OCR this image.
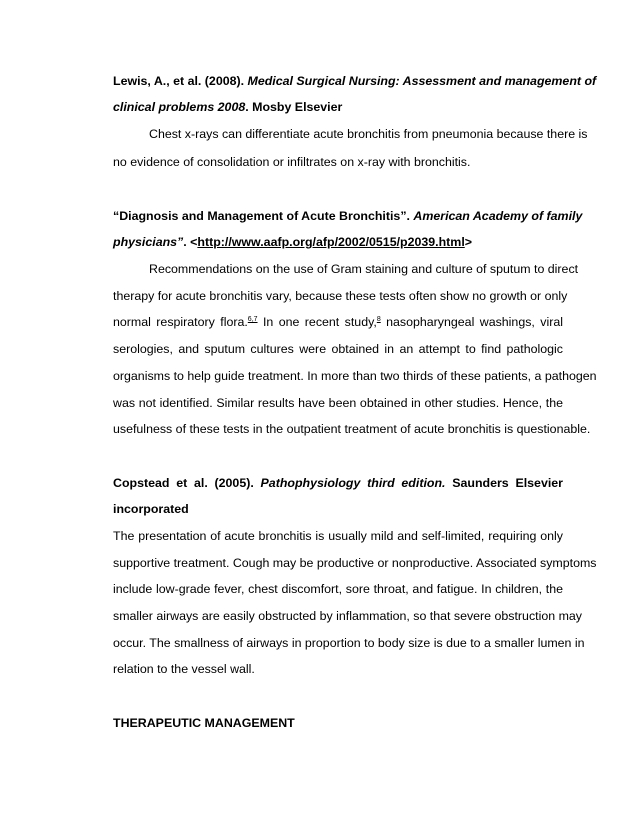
Lewis, A., et al. (2008). Medical Surgical Nursing: Assessment and management of
clinical problems 2008. Mosby Elsevier
Chest x-rays can differentiate acute bronchitis from pneumonia because there is
no evidence of consolidation or infiltrates on x-ray with bronchitis.
“Diagnosis and Management of Acute Bronchitis”. American Academy of family
physicians”. <http://www.aafp.org/afp/2002/0515/p2039.html>
Recommendations on the use of Gram staining and culture of sputum to direct
therapy for acute bronchitis vary, because these tests often show no growth or only
normal respiratory flora.$^{6,7}$ In one recent study,$^8$ nasopharyngeal washings, viral
serologies, and sputum cultures were obtained in an attempt to find pathologic
organisms to help guide treatment. In more than two thirds of these patients, a pathogen
was not identified. Similar results have been obtained in other studies. Hence, the
usefulness of these tests in the outpatient treatment of acute bronchitis is questionable.
Copstead et al. (2005). Pathophysiology third edition. Saunders Elsevier
incorporated
The presentation of acute bronchitis is usually mild and self-limited, requiring only
supportive treatment. Cough may be productive or nonproductive. Associated symptoms
include low-grade fever, chest discomfort, sore throat, and fatigue. In children, the
smaller airways are easily obstructed by inflammation, so that severe obstruction may
occur. The smallness of airways in proportion to body size is due to a smaller lumen in
relation to the vessel wall.
THERAPEUTIC MANAGEMENT
